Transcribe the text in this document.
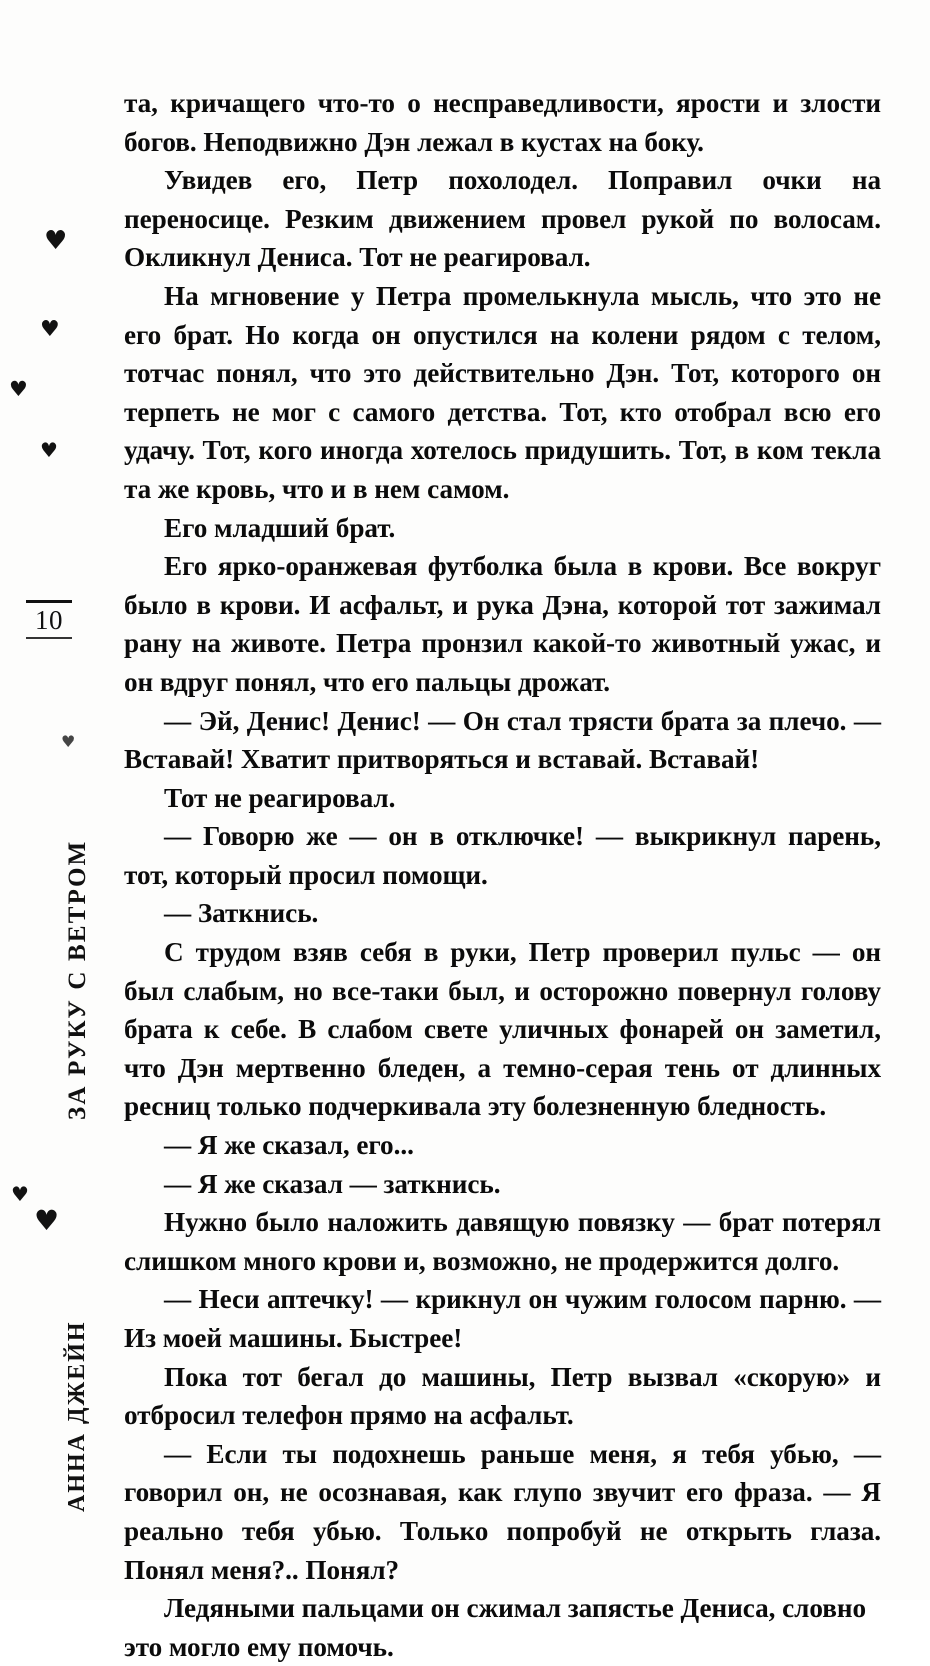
♥
♥
♥
♥
♥
♥
♥
10
ЗА РУКУ С ВЕТРОМ
АННА ДЖЕЙН

та, кричащего что-то о несправедливости, ярости и злости богов. Неподвижно Дэн лежал в кустах на боку.

Увидев его, Петр похолодел. Поправил очки на переносице. Резким движением провел рукой по волосам. Окликнул Дениса. Тот не реагировал.

На мгновение у Петра промелькнула мысль, что это не его брат. Но когда он опустился на колени рядом с телом, тотчас понял, что это действительно Дэн. Тот, которого он терпеть не мог с самого детства. Тот, кто отобрал всю его удачу. Тот, кого иногда хотелось придушить. Тот, в ком текла та же кровь, что и в нем самом.

Его младший брат.

Его ярко-оранжевая футболка была в крови. Все вокруг было в крови. И асфальт, и рука Дэна, которой тот зажимал рану на животе. Петра пронзил какой-то животный ужас, и он вдруг понял, что его пальцы дрожат.

— Эй, Денис! Денис! — Он стал трясти брата за плечо. — Вставай! Хватит притворяться и вставай. Вставай!

Тот не реагировал.

— Говорю же — он в отключке! — выкрикнул парень, тот, который просил помощи.

— Заткнись.

С трудом взяв себя в руки, Петр проверил пульс — он был слабым, но все-таки был, и осторожно повернул голову брата к себе. В слабом свете уличных фонарей он заметил, что Дэн мертвенно бледен, а темно-серая тень от длинных ресниц только подчеркивала эту болезненную бледность.

— Я же сказал, его...

— Я же сказал — заткнись.

Нужно было наложить давящую повязку — брат потерял слишком много крови и, возможно, не продержится долго.

— Неси аптечку! — крикнул он чужим голосом парню. — Из моей машины. Быстрее!

Пока тот бегал до машины, Петр вызвал «скорую» и отбросил телефон прямо на асфальт.

— Если ты подохнешь раньше меня, я тебя убью, — говорил он, не осознавая, как глупо звучит его фраза. — Я реально тебя убью. Только попробуй не открыть глаза. Понял меня?.. Понял?

Ледяными пальцами он сжимал запястье Дениса, словно это могло ему помочь.
